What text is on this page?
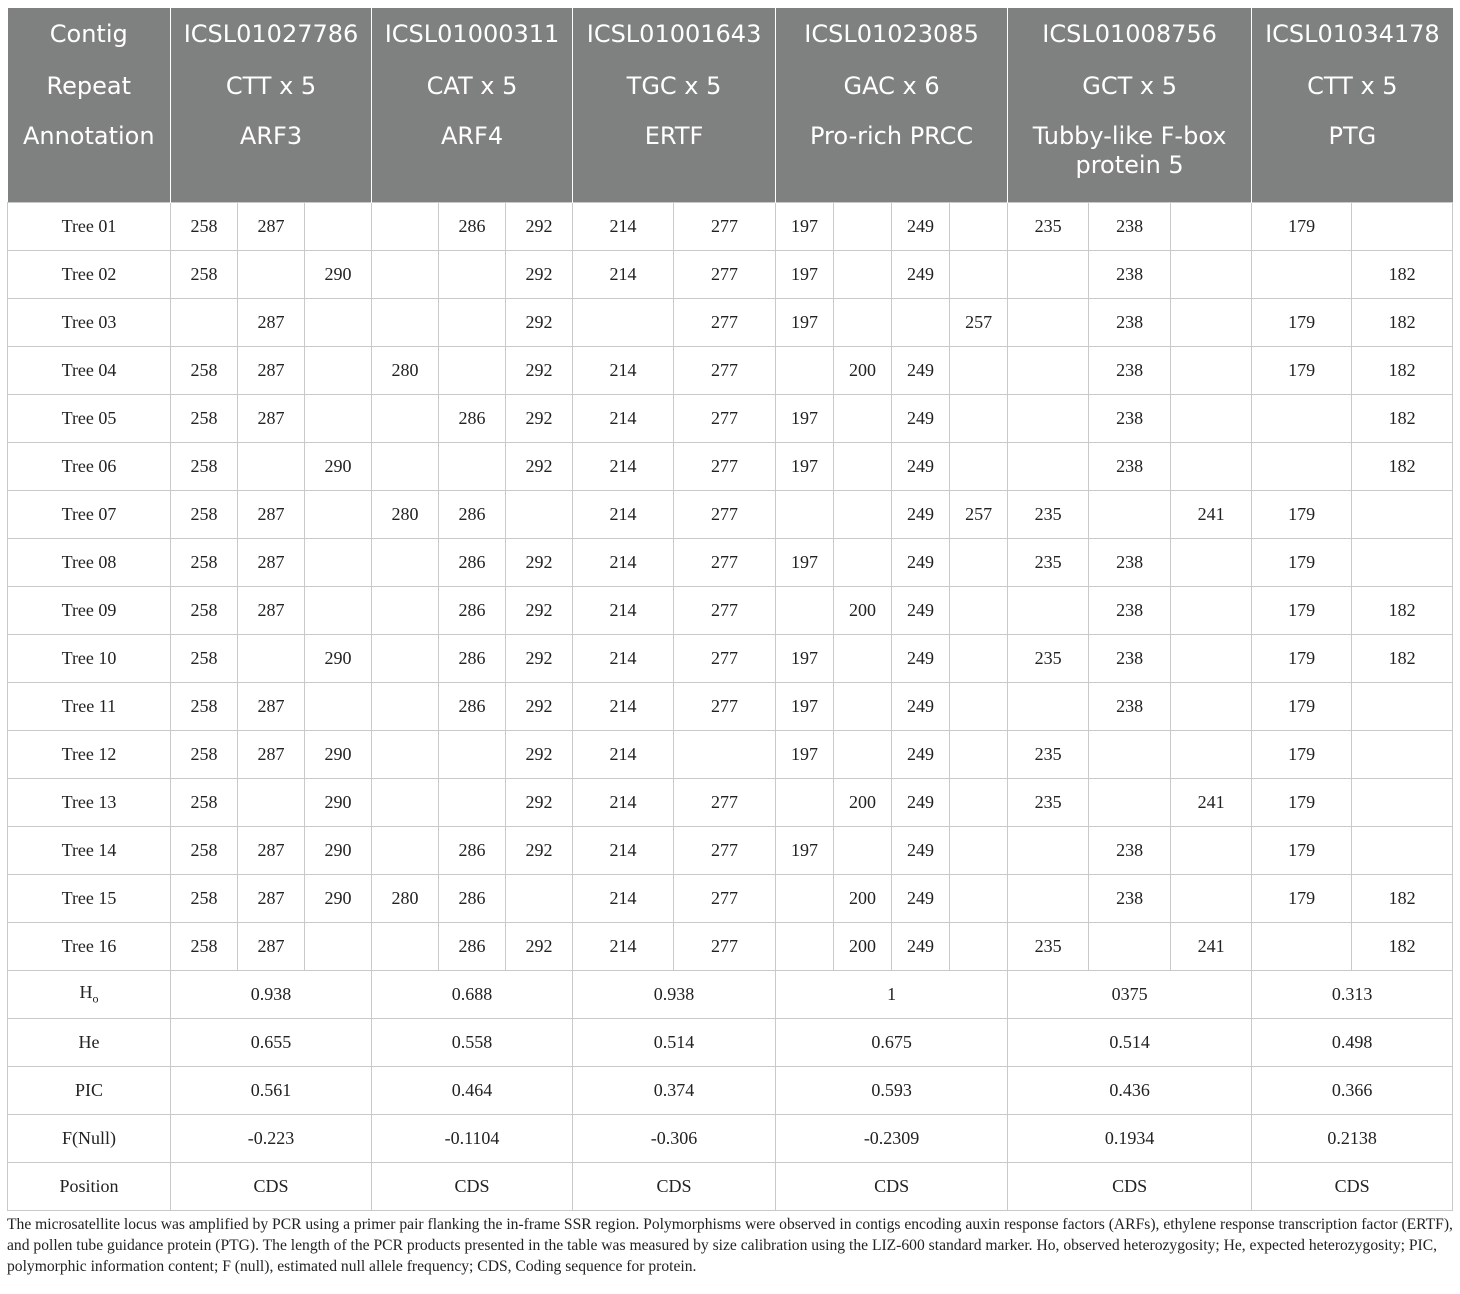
Contig	ICSL01027786			ICSL01000311			ICSL01001643		ICSL01023085				ICSL01008756			ICSL01034178	
Repeat	CTT x 5			CAT x 5			TGC x 5		GAC x 6				GCT x 5			CTT x 5	
Annotation	ARF3			ARF4			ERTF		Pro-rich PRCC				Tubby-like F-box protein 5			PTG	
Tree 01	258	287			286	292	214	277	197		249		235	238		179	
Tree 02	258		290			292	214	277	197		249			238			182
Tree 03		287				292		277	197			257		238		179	182
Tree 04	258	287		280		292	214	277		200	249			238		179	182
Tree 05	258	287			286	292	214	277	197		249			238			182
Tree 06	258		290			292	214	277	197		249			238			182
Tree 07	258	287		280	286		214	277			249	257	235		241	179	
Tree 08	258	287			286	292	214	277	197		249		235	238		179	
Tree 09	258	287			286	292	214	277		200	249			238		179	182
Tree 10	258		290		286	292	214	277	197		249		235	238		179	182
Tree 11	258	287			286	292	214	277	197		249			238		179	
Tree 12	258	287	290			292	214		197		249		235			179	
Tree 13	258		290			292	214	277		200	249		235		241	179	
Tree 14	258	287	290		286	292	214	277	197		249			238		179	
Tree 15	258	287	290	280	286		214	277		200	249			238		179	182
Tree 16	258	287			286	292	214	277		200	249		235		241		182
$H_o$	0.938			0.688			0.938		1				0375			0.313	
He	0.655			0.558			0.514		0.675				0.514			0.498	
PIC	0.561			0.464			0.374		0.593				0.436			0.366	
F(Null)	-0.223			-0.1104			-0.306		-0.2309				0.1934			0.2138	
Position	CDS			CDS			CDS		CDS				CDS			CDS	

The microsatellite locus was amplified by PCR using a primer pair flanking the in-frame SSR region. Polymorphisms were observed in contigs encoding auxin response factors (ARFs), ethylene response transcription factor (ERTF), and pollen tube guidance protein (PTG). The length of the PCR products presented in the table was measured by size calibration using the LIZ-600 standard marker. Ho, observed heterozygosity; He, expected heterozygosity; PIC, polymorphic information content; F (null), estimated null allele frequency; CDS, Coding sequence for protein.
